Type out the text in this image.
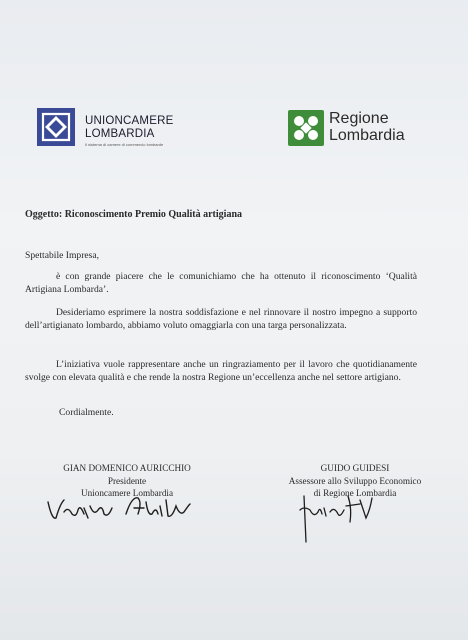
UNIONCAMERE
LOMBARDIA
Il sistema di camere di commercio lombarde
Regione
Lombardia
Oggetto: Riconoscimento Premio Qualità artigiana
Spettabile Impresa,
è con grande piacere che le comunichiamo che ha ottenuto il riconoscimento ‘Qualità Artigiana Lombarda’.
Desideriamo esprimere la nostra soddisfazione e nel rinnovare il nostro impegno a supporto dell’artigianato lombardo, abbiamo voluto omaggiarla con una targa personalizzata.
L’iniziativa vuole rappresentare anche un ringraziamento per il lavoro che quotidianamente svolge con elevata qualità e che rende la nostra Regione un’eccellenza anche nel settore artigiano.
Cordialmente.
GIAN DOMENICO AURICCHIO
Presidente
Unioncamere Lombardia
GUIDO GUIDESI
Assessore allo Sviluppo Economico
di Regione Lombardia
